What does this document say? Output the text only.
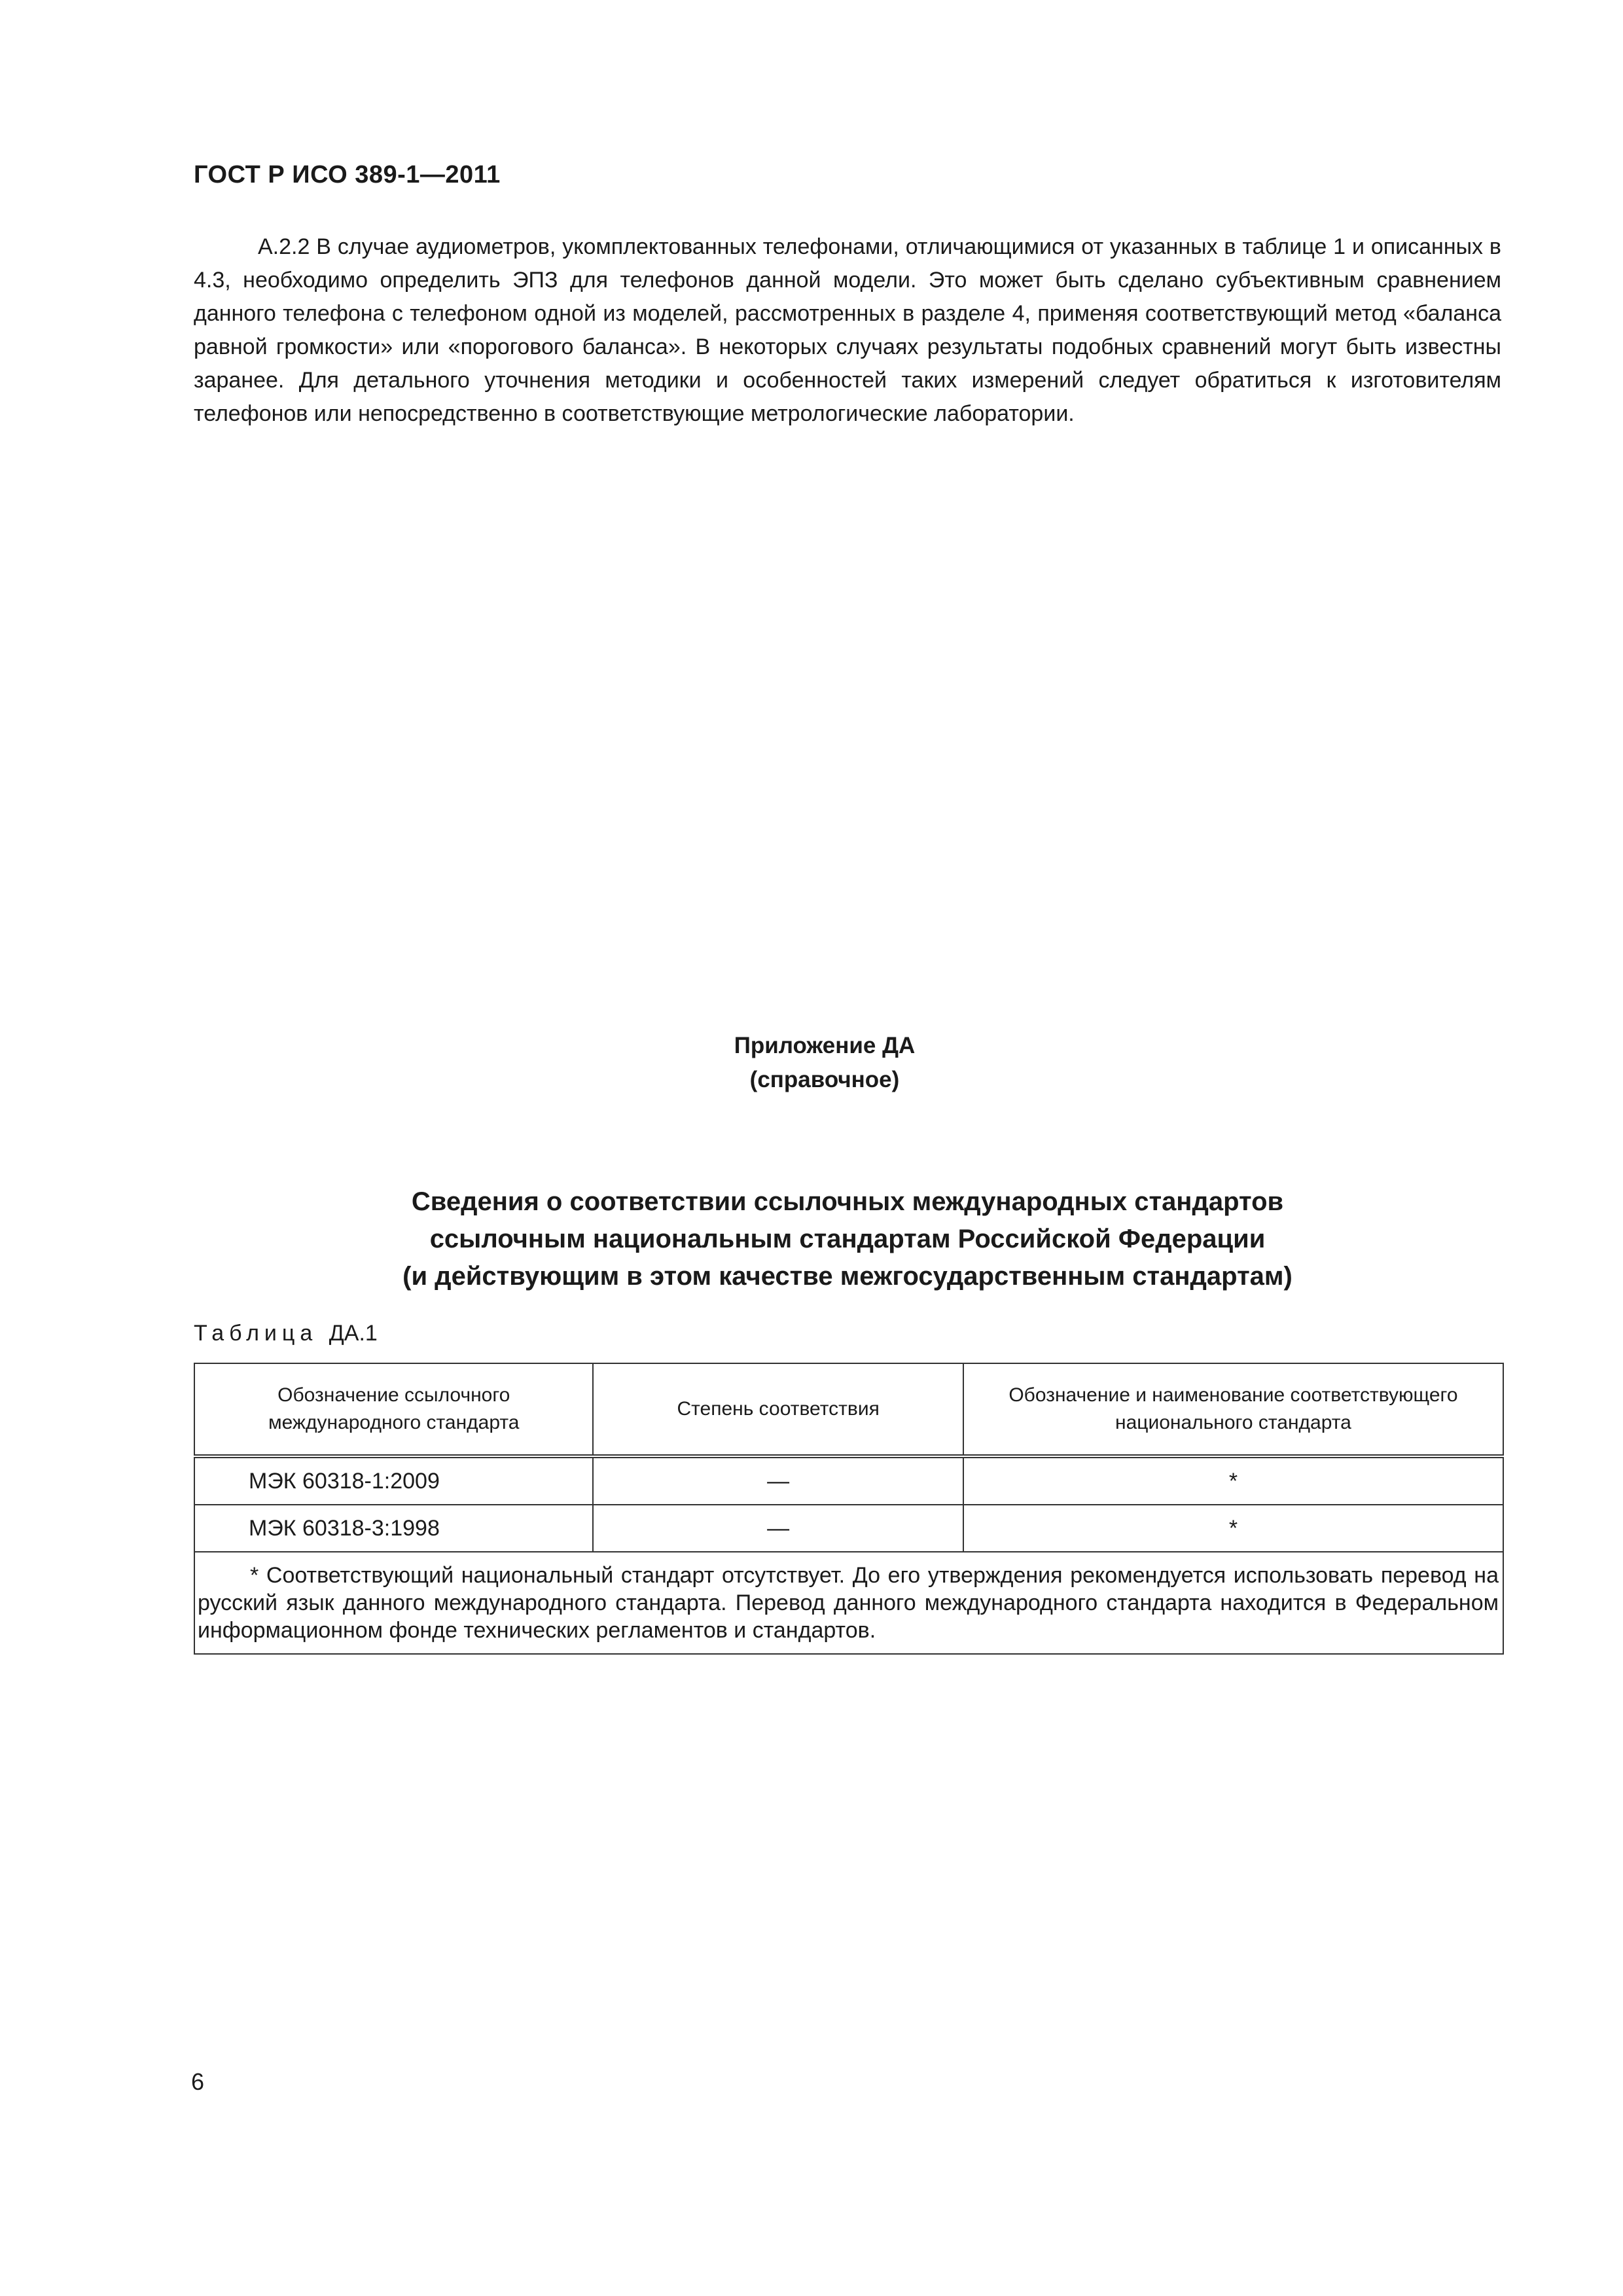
ГОСТ Р ИСО 389-1—2011
А.2.2 В случае аудиометров, укомплектованных телефонами, отличающимися от указанных в таблице 1 и описанных в 4.3, необходимо определить ЭПЗ для телефонов данной модели. Это может быть сделано субъективным сравнением данного телефона с телефоном одной из моделей, рассмотренных в разделе 4, применяя соответствующий метод «баланса равной громкости» или «порогового баланса». В некоторых случаях результаты подобных сравнений могут быть известны заранее. Для детального уточнения методики и особенностей таких измерений следует обратиться к изготовителям телефонов или непосредственно в соответствующие метрологические лаборатории.
Приложение ДА
(справочное)
Сведения о соответствии ссылочных международных стандартов
ссылочным национальным стандартам Российской Федерации
(и действующим в этом качестве межгосударственным стандартам)
Таблица ДА.1
Обозначение ссылочного международного стандарта	Степень соответствия	Обозначение и наименование соответствующего национального стандарта
МЭК 60318-1:2009	—	*
МЭК 60318-3:1998	—	*
* Соответствующий национальный стандарт отсутствует. До его утверждения рекомендуется использовать перевод на русский язык данного международного стандарта. Перевод данного международного стандарта находится в Федеральном информационном фонде технических регламентов и стандартов.		
6
